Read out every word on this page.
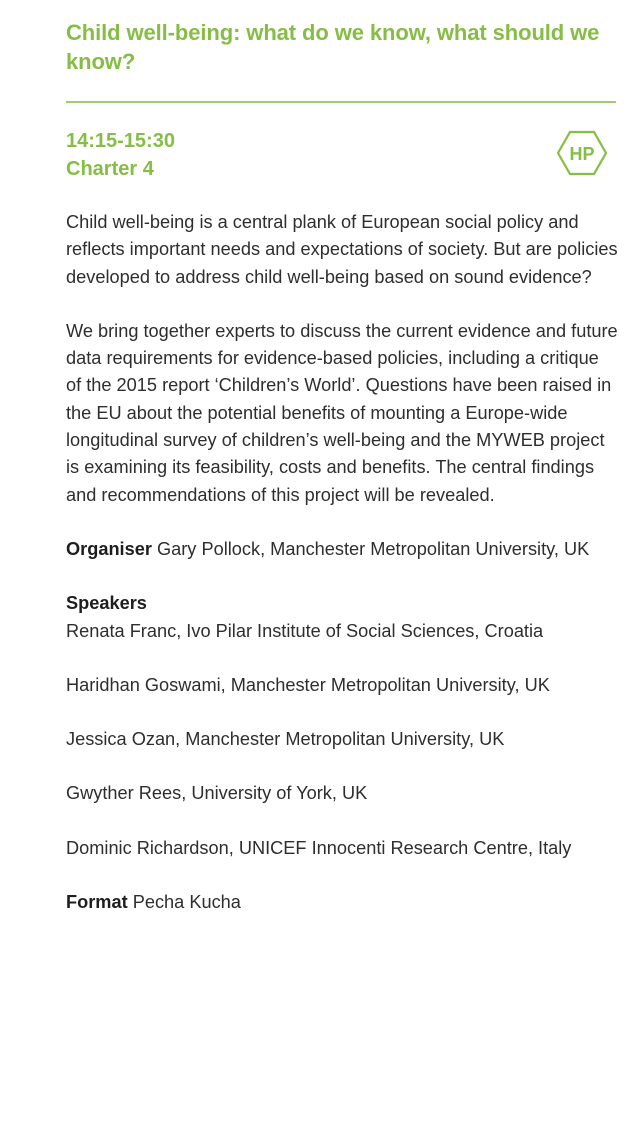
Child well-being: what do we know, what should we know?
14:15-15:30
Charter 4
HP

Child well-being is a central plank of European social policy and reflects important needs and expectations of society. But are policies developed to address child well-being based on sound evidence?

We bring together experts to discuss the current evidence and future data requirements for evidence-based policies, including a critique of the 2015 report ‘Children’s World’. Questions have been raised in the EU about the potential benefits of mounting a Europe-wide longitudinal survey of children’s well-being and the MYWEB project is examining its feasibility, costs and benefits. The central findings and recommendations of this project will be revealed.

Organiser Gary Pollock, Manchester Metropolitan University, UK
Speakers
Renata Franc, Ivo Pilar Institute of Social Sciences, Croatia
Haridhan Goswami, Manchester Metropolitan University, UK
Jessica Ozan, Manchester Metropolitan University, UK
Gwyther Rees, University of York, UK
Dominic Richardson, UNICEF Innocenti Research Centre, Italy
Format Pecha Kucha
